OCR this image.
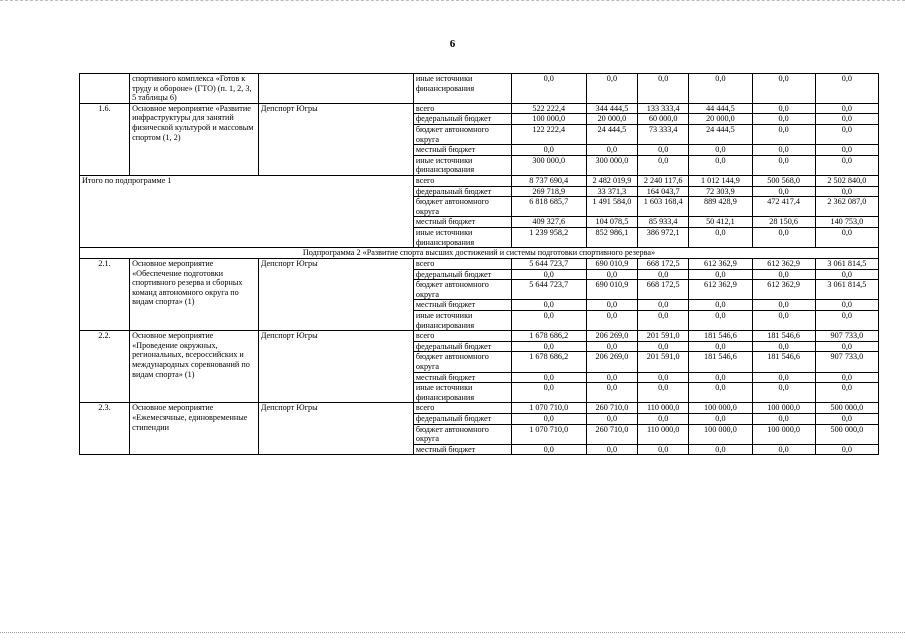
6
	спортивного комплекса «Готов к труду и обороне» (ГТО) (п. 1, 2, 3, 5 таблицы 6)		иные источники финансирования	0,0	0,0	0,0	0,0	0,0	0,0
1.6.	Основное мероприятие «Развитие инфраструктуры для занятий физической культурой и массовым спортом (1, 2)	Депспорт Югры	всего	522 222,4	344 444,5	133 333,4	44 444,5	0,0	0,0
			федеральный бюджет	100 000,0	20 000,0	60 000,0	20 000,0	0,0	0,0
			бюджет автономного округа	122 222,4	24 444,5	73 333,4	24 444,5	0,0	0,0
			местный бюджет	0,0	0,0	0,0	0,0	0,0	0,0
			иные источники финансирования	300 000,0	300 000,0	0,0	0,0	0,0	0,0
Итого по подпрограмме 1			всего	8 737 690,4	2 482 019,9	2 240 117,6	1 012 144,9	500 568,0	2 502 840,0
			федеральный бюджет	269 718,9	33 371,3	164 043,7	72 303,9	0,0	0,0
			бюджет автономного округа	6 818 685,7	1 491 584,0	1 603 168,4	889 428,9	472 417,4	2 362 087,0
			местный бюджет	409 327,6	104 078,5	85 933,4	50 412,1	28 150,6	140 753,0
			иные источники финансирования	1 239 958,2	852 986,1	386 972,1	0,0	0,0	0,0
Подпрограмма 2 «Развитие спорта высших достижений и системы подготовки спортивного резерва»									
2.1.	Основное мероприятие «Обеспечение подготовки спортивного резерва и сборных команд автономного округа по видам спорта» (1)	Депспорт Югры	всего	5 644 723,7	690 010,9	668 172,5	612 362,9	612 362,9	3 061 814,5
			федеральный бюджет	0,0	0,0	0,0	0,0	0,0	0,0
			бюджет автономного округа	5 644 723,7	690 010,9	668 172,5	612 362,9	612 362,9	3 061 814,5
			местный бюджет	0,0	0,0	0,0	0,0	0,0	0,0
			иные источники финансирования	0,0	0,0	0,0	0,0	0,0	0,0
2.2.	Основное мероприятие «Проведение окружных, региональных, всероссийских и международных соревнований по видам спорта» (1)	Депспорт Югры	всего	1 678 686,2	206 269,0	201 591,0	181 546,6	181 546,6	907 733,0
			федеральный бюджет	0,0	0,0	0,0	0,0	0,0	0,0
			бюджет автономного округа	1 678 686,2	206 269,0	201 591,0	181 546,6	181 546,6	907 733,0
			местный бюджет	0,0	0,0	0,0	0,0	0,0	0,0
			иные источники финансирования	0,0	0,0	0,0	0,0	0,0	0,0
2.3.	Основное мероприятие «Ежемесячные, единовременные стипендии	Депспорт Югры	всего	1 070 710,0	260 710,0	110 000,0	100 000,0	100 000,0	500 000,0
			федеральный бюджет	0,0	0,0	0,0	0,0	0,0	0,0
			бюджет автономного округа	1 070 710,0	260 710,0	110 000,0	100 000,0	100 000,0	500 000,0
			местный бюджет	0,0	0,0	0,0	0,0	0,0	0,0
